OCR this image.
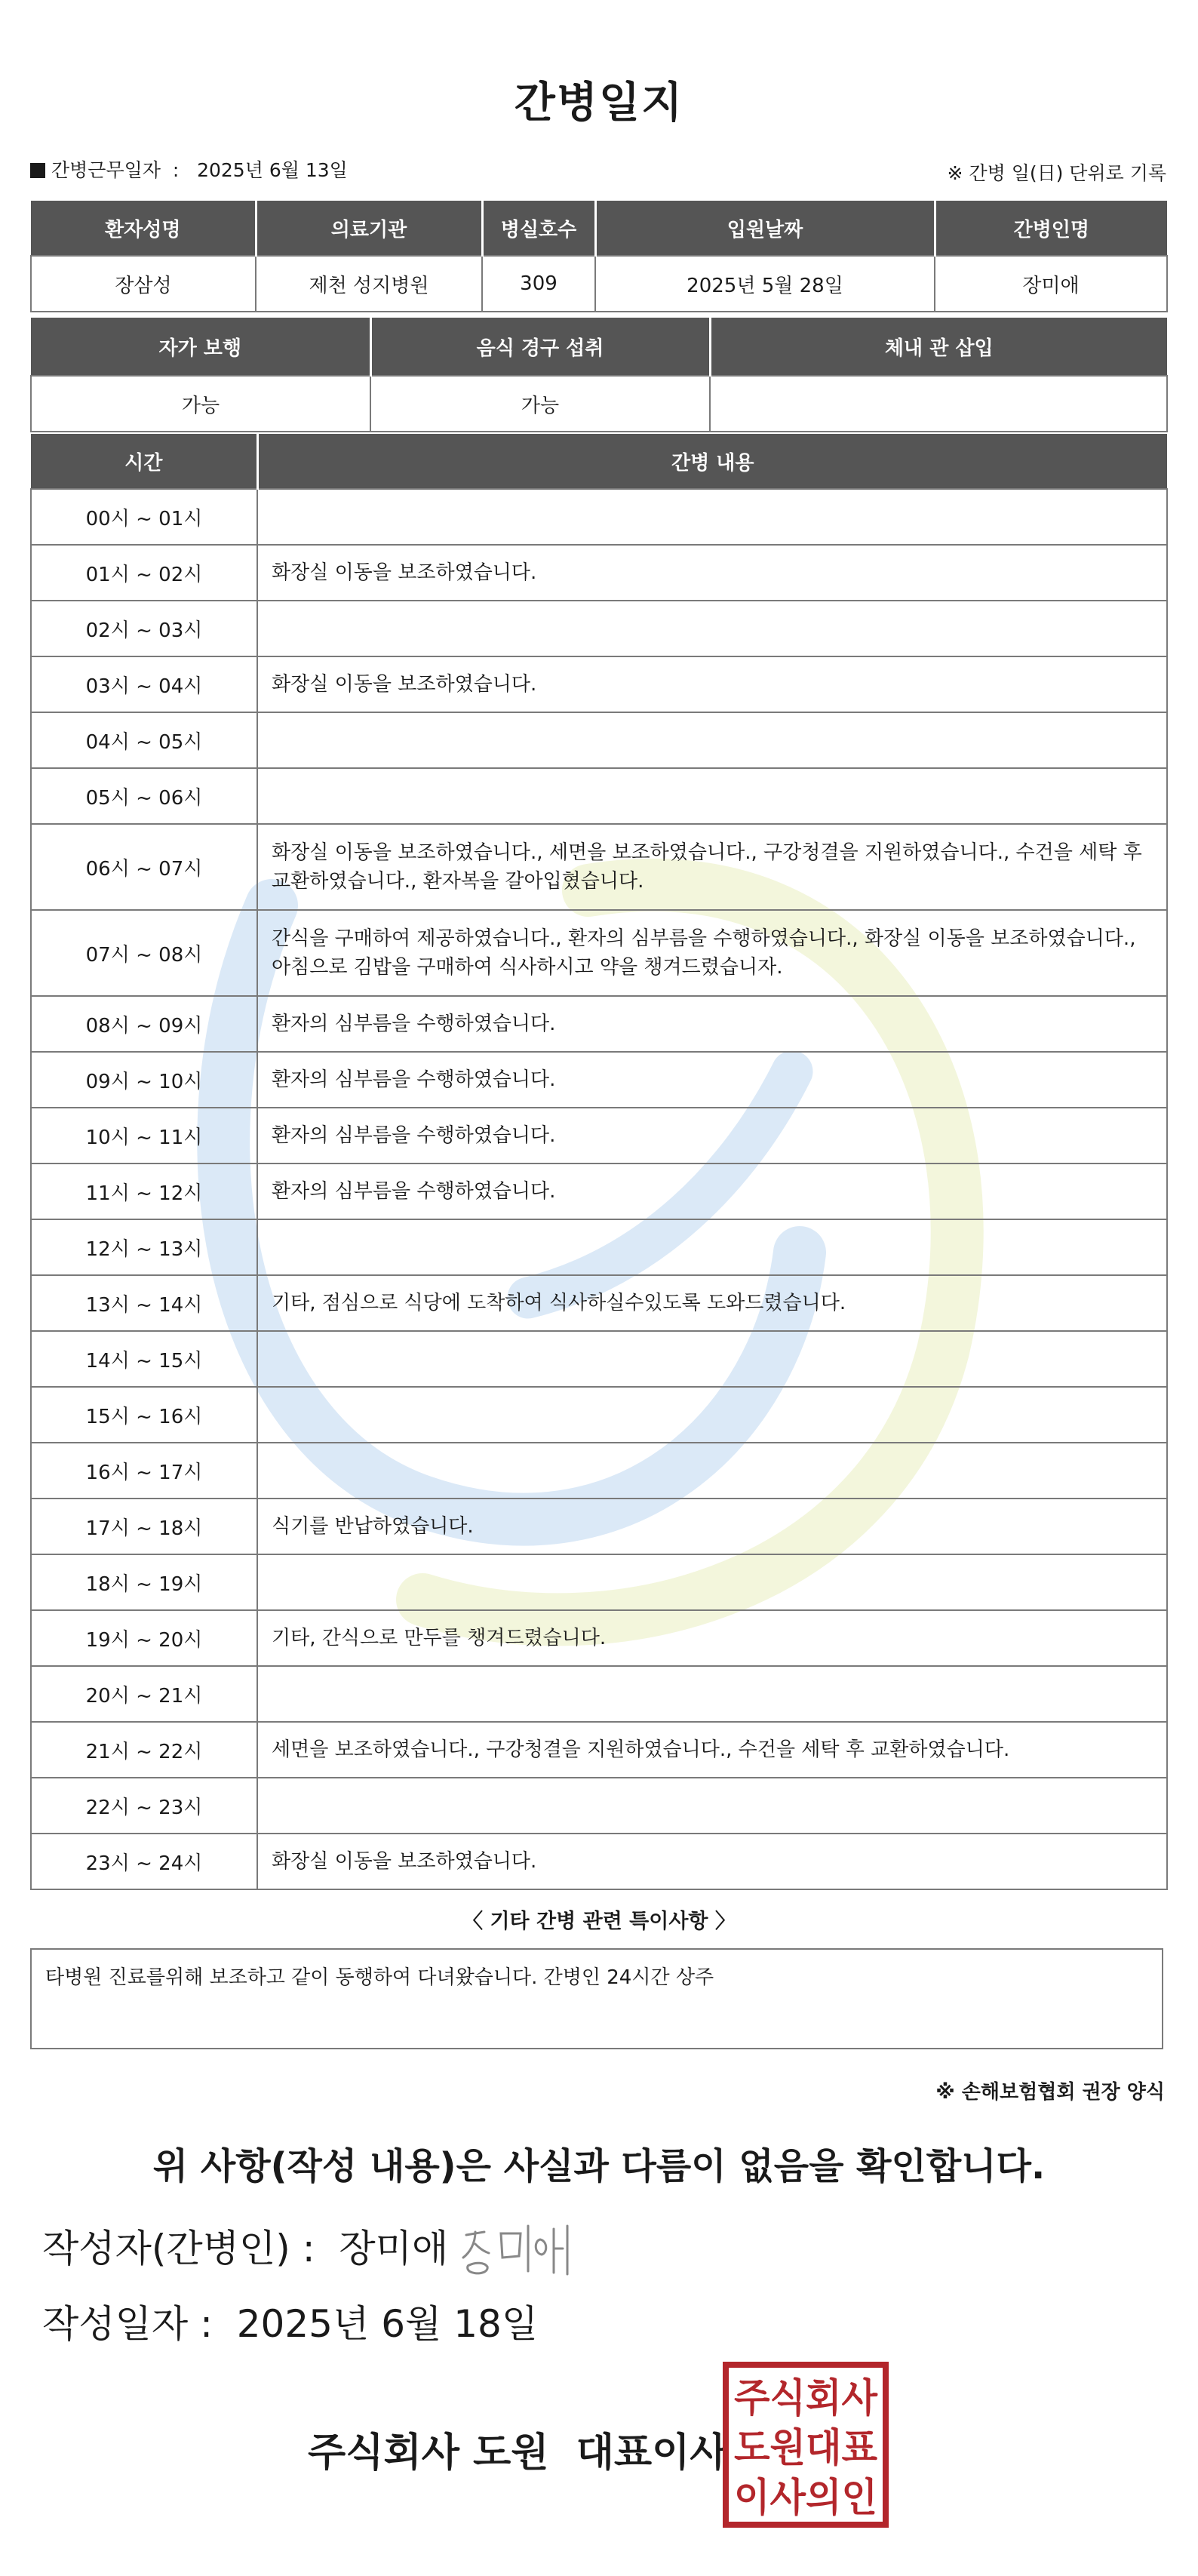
간병일지
간병근무일자 : 2025년 6월 13일	※ 간병 일(日) 단위로 기록
환자성명	의료기관	병실호수	입원날짜	간병인명
장삼성	제천 성지병원	309	2025년 5월 28일	장미애
자가 보행	음식 경구 섭취	체내 관 삽입
가능	가능	
시간	간병 내용
00시 ~ 01시	
01시 ~ 02시	화장실 이동을 보조하였습니다.
02시 ~ 03시	
03시 ~ 04시	화장실 이동을 보조하였습니다.
04시 ~ 05시	
05시 ~ 06시	
06시 ~ 07시	화장실 이동을 보조하였습니다., 세면을 보조하였습니다., 구강청결을 지원하였습니다., 수건을 세탁 후 교환하였습니다., 환자복을 갈아입혔습니다.
07시 ~ 08시	간식을 구매하여 제공하였습니다., 환자의 심부름을 수행하였습니다., 화장실 이동을 보조하였습니다., 아침으로 김밥을 구매하여 식사하시고 약을 챙겨드렸습니자.
08시 ~ 09시	환자의 심부름을 수행하였습니다.
09시 ~ 10시	환자의 심부름을 수행하였습니다.
10시 ~ 11시	환자의 심부름을 수행하였습니다.
11시 ~ 12시	환자의 심부름을 수행하였습니다.
12시 ~ 13시	
13시 ~ 14시	기타, 점심으로 식당에 도착하여 식사하실수있도록 도와드렸습니다.
14시 ~ 15시	
15시 ~ 16시	
16시 ~ 17시	
17시 ~ 18시	식기를 반납하였습니다.
18시 ~ 19시	
19시 ~ 20시	기타, 간식으로 만두를 챙겨드렸습니다.
20시 ~ 21시	
21시 ~ 22시	세면을 보조하였습니다., 구강청결을 지원하였습니다., 수건을 세탁 후 교환하였습니다.
22시 ~ 23시	
23시 ~ 24시	화장실 이동을 보조하였습니다.
〈 기타 간병 관련 특이사항 〉
타병원 진료를위해 보조하고 같이 동행하여 다녀왔습니다. 간병인 24시간 상주
※ 손해보험협회 권장 양식
위 사항(작성 내용)은 사실과 다름이 없음을 확인합니다.
작성자(간병인) : 장미애
작성일자 : 2025년 6월 18일
주식회사 도원  대표이사
주식회사
도원대표
이사의인
